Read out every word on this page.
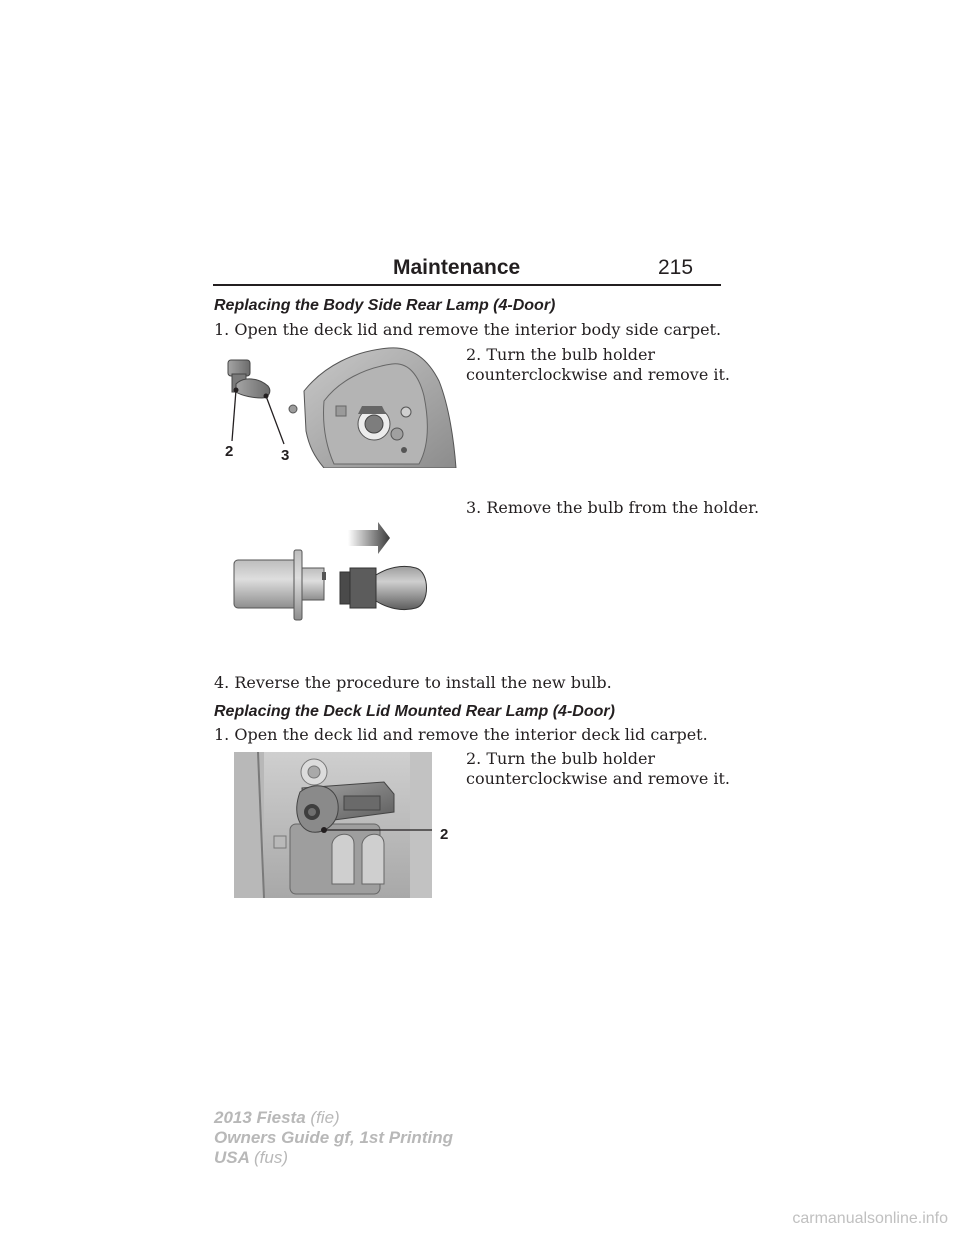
Maintenance	215
Replacing the Body Side Rear Lamp (4-Door)
1. Open the deck lid and remove the interior body side carpet.
2. Turn the bulb holder
counterclockwise and remove it.
2	3
3. Remove the bulb from the holder.
4. Reverse the procedure to install the new bulb.
Replacing the Deck Lid Mounted Rear Lamp (4-Door)
1. Open the deck lid and remove the interior deck lid carpet.
2. Turn the bulb holder
counterclockwise and remove it.
2
2013 Fiesta (fie)
Owners Guide gf, 1st Printing
USA (fus)
carmanualsonline.info
